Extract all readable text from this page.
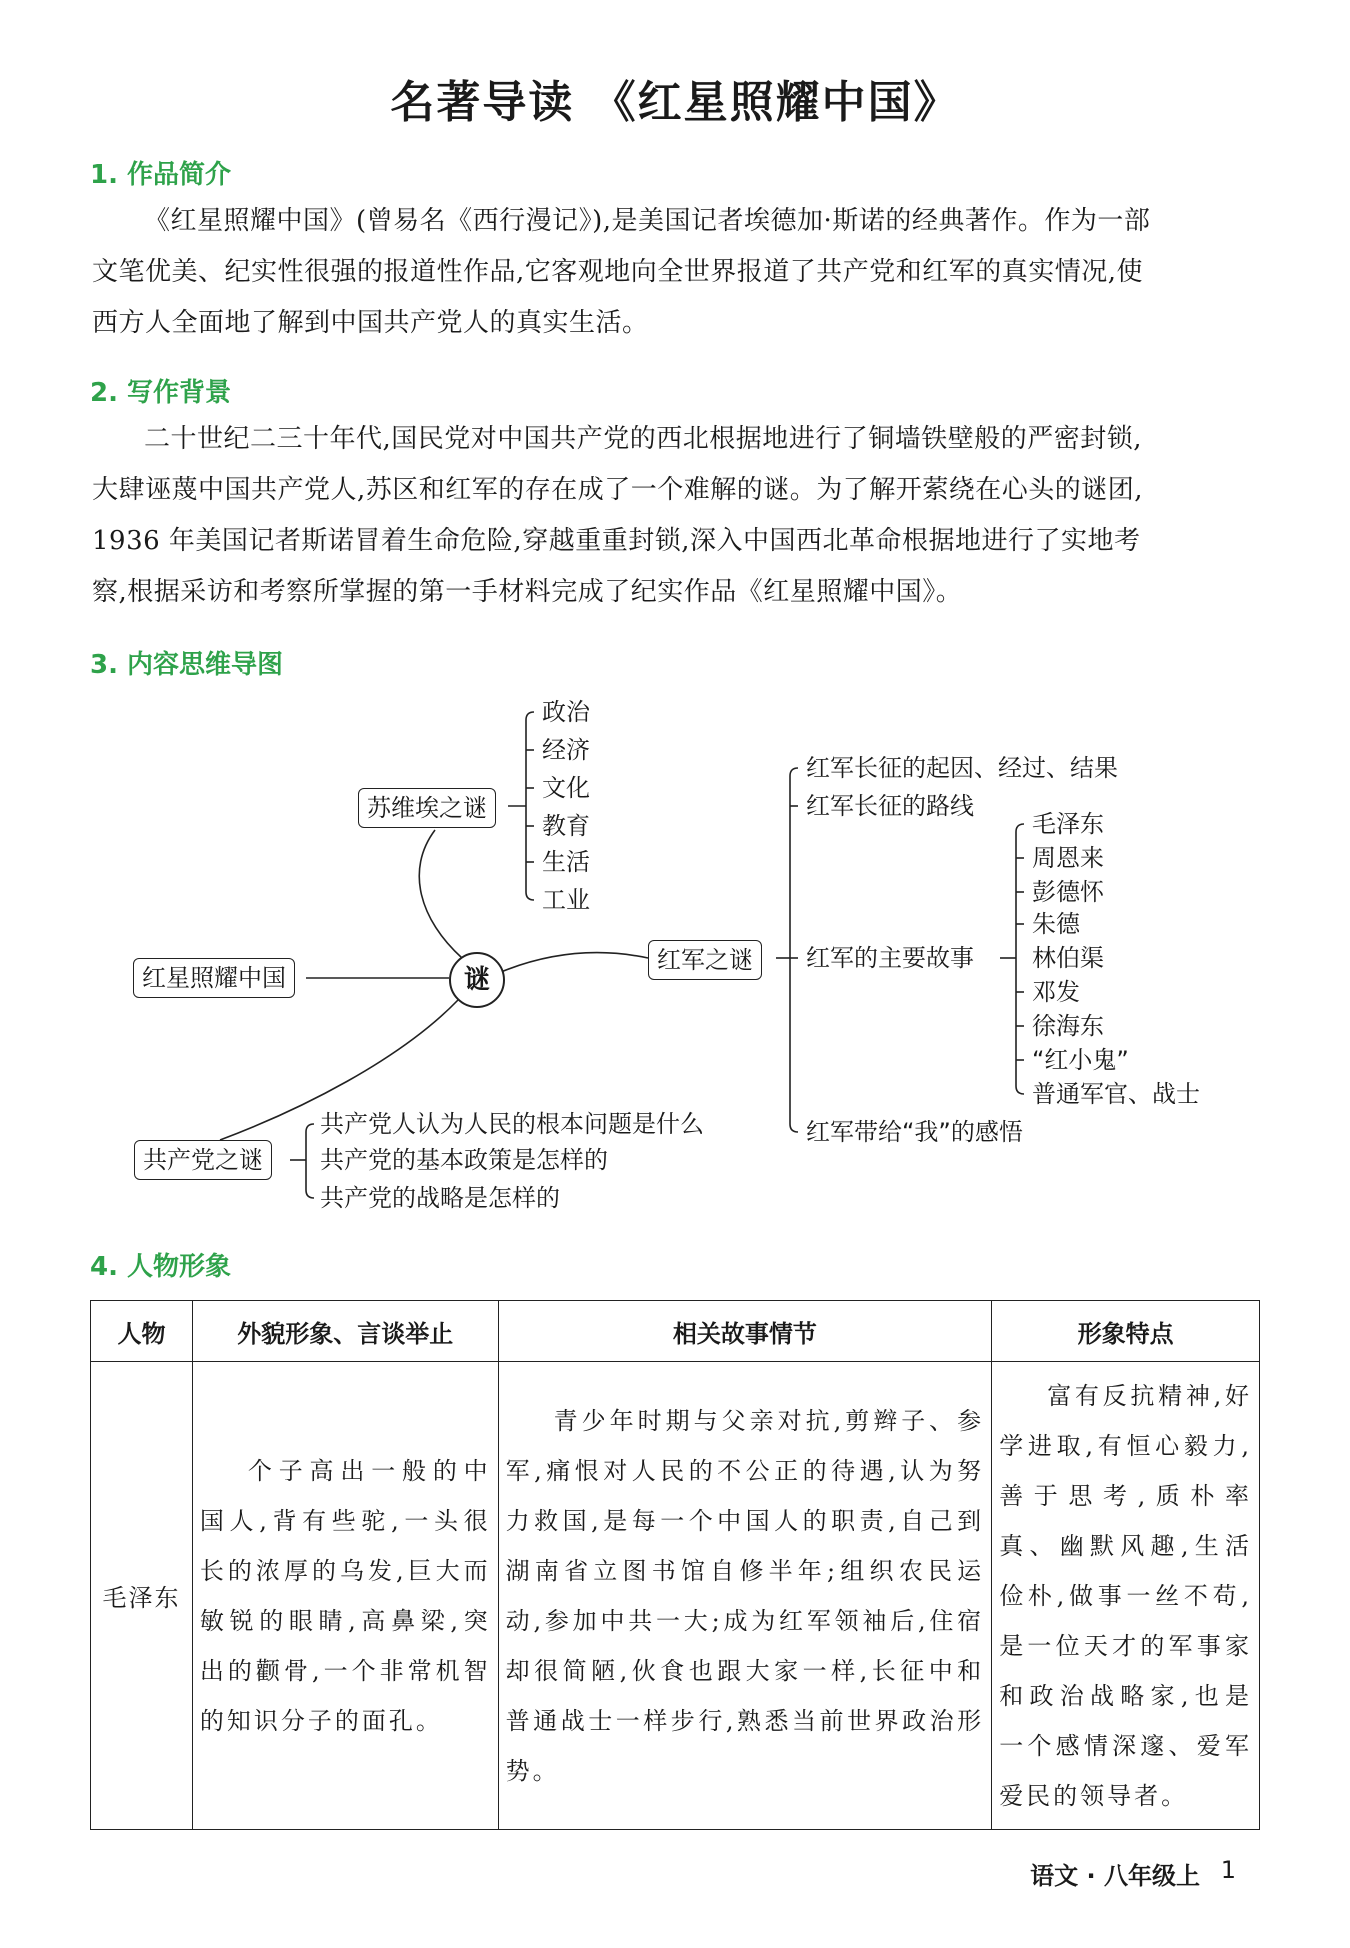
名著导读 《红星照耀中国》
1. 作品简介
《红星照耀中国》(曾易名《西行漫记》),是美国记者埃德加·斯诺的经典著作。作为一部
文笔优美、纪实性很强的报道性作品,它客观地向全世界报道了共产党和红军的真实情况,使
西方人全面地了解到中国共产党人的真实生活。
2. 写作背景
二十世纪二三十年代,国民党对中国共产党的西北根据地进行了铜墙铁壁般的严密封锁,
大肆诬蔑中国共产党人,苏区和红军的存在成了一个难解的谜。为了解开萦绕在心头的谜团,
1936 年美国记者斯诺冒着生命危险,穿越重重封锁,深入中国西北革命根据地进行了实地考
察,根据采访和考察所掌握的第一手材料完成了纪实作品《红星照耀中国》。
3. 内容思维导图
红星照耀中国	谜
苏维埃之谜
政治
经济
文化
教育
生活
工业
红军之谜
红军长征的起因、经过、结果
红军长征的路线
红军的主要故事
红军带给“我”的感悟
毛泽东
周恩来
彭德怀
朱德
林伯渠
邓发
徐海东
“红小鬼”
普通军官、战士
共产党之谜
共产党人认为人民的根本问题是什么
共产党的基本政策是怎样的
共产党的战略是怎样的
4. 人物形象
人物	外貌形象、言谈举止	相关故事情节	形象特点
毛泽东	个子高出一般的中国人,背有些驼,一头很长的浓厚的乌发,巨大而敏锐的眼睛,高鼻梁,突出的颧骨,一个非常机智的知识分子的面孔。	青少年时期与父亲对抗,剪辫子、参军,痛恨对人民的不公正的待遇,认为努力救国,是每一个中国人的职责,自己到湖南省立图书馆自修半年;组织农民运动,参加中共一大;成为红军领袖后,住宿却很简陋,伙食也跟大家一样,长征中和普通战士一样步行,熟悉当前世界政治形势。	富有反抗精神,好学进取,有恒心毅力,善于思考,质朴率真、幽默风趣,生活俭朴,做事一丝不苟,是一位天才的军事家和政治战略家,也是一个感情深邃、爱军爱民的领导者。
语文 · 八年级上 1
